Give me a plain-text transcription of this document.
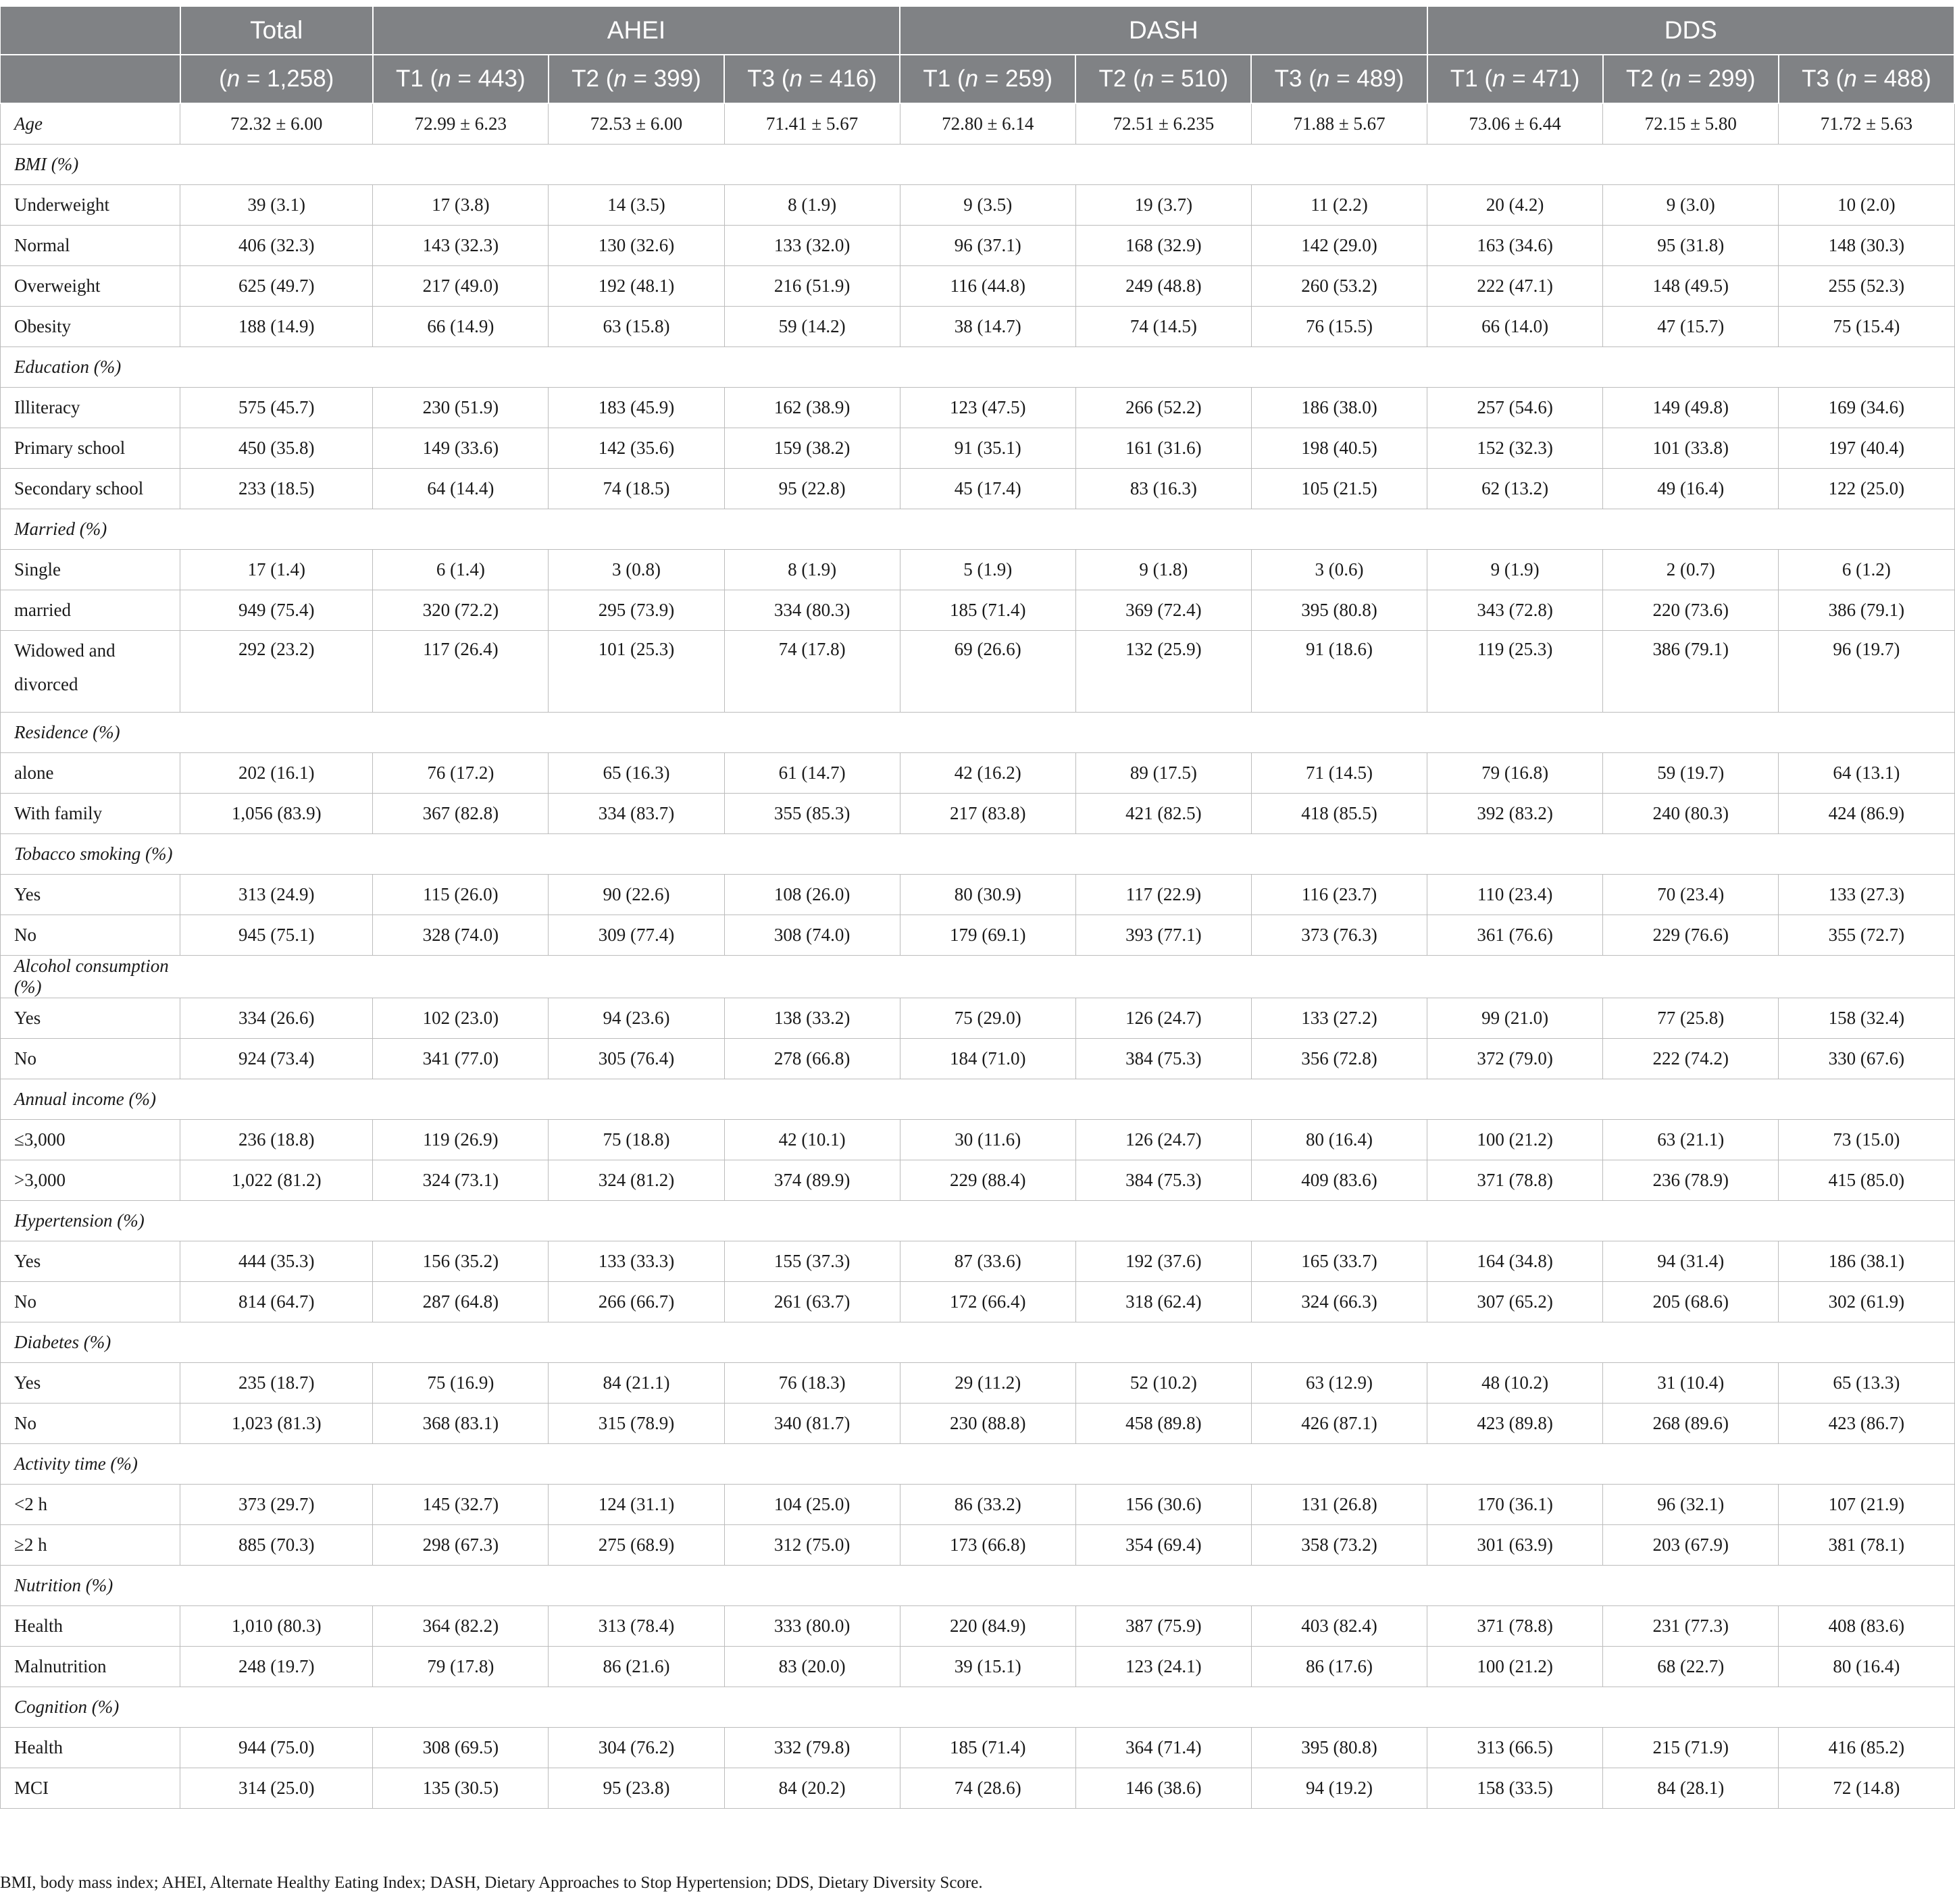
	Total	AHEI			DASH			DDS		
	(n = 1,258)	T1 (n = 443)	T2 (n = 399)	T3 (n = 416)	T1 (n = 259)	T2 (n = 510)	T3 (n = 489)	T1 (n = 471)	T2 (n = 299)	T3 (n = 488)
Age	72.32 ± 6.00	72.99 ± 6.23	72.53 ± 6.00	71.41 ± 5.67	72.80 ± 6.14	72.51 ± 6.235	71.88 ± 5.67	73.06 ± 6.44	72.15 ± 5.80	71.72 ± 5.63
BMI (%)										
Underweight	39 (3.1)	17 (3.8)	14 (3.5)	8 (1.9)	9 (3.5)	19 (3.7)	11 (2.2)	20 (4.2)	9 (3.0)	10 (2.0)
Normal	406 (32.3)	143 (32.3)	130 (32.6)	133 (32.0)	96 (37.1)	168 (32.9)	142 (29.0)	163 (34.6)	95 (31.8)	148 (30.3)
Overweight	625 (49.7)	217 (49.0)	192 (48.1)	216 (51.9)	116 (44.8)	249 (48.8)	260 (53.2)	222 (47.1)	148 (49.5)	255 (52.3)
Obesity	188 (14.9)	66 (14.9)	63 (15.8)	59 (14.2)	38 (14.7)	74 (14.5)	76 (15.5)	66 (14.0)	47 (15.7)	75 (15.4)
Education (%)										
Illiteracy	575 (45.7)	230 (51.9)	183 (45.9)	162 (38.9)	123 (47.5)	266 (52.2)	186 (38.0)	257 (54.6)	149 (49.8)	169 (34.6)
Primary school	450 (35.8)	149 (33.6)	142 (35.6)	159 (38.2)	91 (35.1)	161 (31.6)	198 (40.5)	152 (32.3)	101 (33.8)	197 (40.4)
Secondary school	233 (18.5)	64 (14.4)	74 (18.5)	95 (22.8)	45 (17.4)	83 (16.3)	105 (21.5)	62 (13.2)	49 (16.4)	122 (25.0)
Married (%)										
Single	17 (1.4)	6 (1.4)	3 (0.8)	8 (1.9)	5 (1.9)	9 (1.8)	3 (0.6)	9 (1.9)	2 (0.7)	6 (1.2)
married	949 (75.4)	320 (72.2)	295 (73.9)	334 (80.3)	185 (71.4)	369 (72.4)	395 (80.8)	343 (72.8)	220 (73.6)	386 (79.1)
Widowed and divorced	292 (23.2)	117 (26.4)	101 (25.3)	74 (17.8)	69 (26.6)	132 (25.9)	91 (18.6)	119 (25.3)	386 (79.1)	96 (19.7)
Residence (%)										
alone	202 (16.1)	76 (17.2)	65 (16.3)	61 (14.7)	42 (16.2)	89 (17.5)	71 (14.5)	79 (16.8)	59 (19.7)	64 (13.1)
With family	1,056 (83.9)	367 (82.8)	334 (83.7)	355 (85.3)	217 (83.8)	421 (82.5)	418 (85.5)	392 (83.2)	240 (80.3)	424 (86.9)
Tobacco smoking (%)										
Yes	313 (24.9)	115 (26.0)	90 (22.6)	108 (26.0)	80 (30.9)	117 (22.9)	116 (23.7)	110 (23.4)	70 (23.4)	133 (27.3)
No	945 (75.1)	328 (74.0)	309 (77.4)	308 (74.0)	179 (69.1)	393 (77.1)	373 (76.3)	361 (76.6)	229 (76.6)	355 (72.7)
Alcohol consumption (%)										
Yes	334 (26.6)	102 (23.0)	94 (23.6)	138 (33.2)	75 (29.0)	126 (24.7)	133 (27.2)	99 (21.0)	77 (25.8)	158 (32.4)
No	924 (73.4)	341 (77.0)	305 (76.4)	278 (66.8)	184 (71.0)	384 (75.3)	356 (72.8)	372 (79.0)	222 (74.2)	330 (67.6)
Annual income (%)										
≤3,000	236 (18.8)	119 (26.9)	75 (18.8)	42 (10.1)	30 (11.6)	126 (24.7)	80 (16.4)	100 (21.2)	63 (21.1)	73 (15.0)
>3,000	1,022 (81.2)	324 (73.1)	324 (81.2)	374 (89.9)	229 (88.4)	384 (75.3)	409 (83.6)	371 (78.8)	236 (78.9)	415 (85.0)
Hypertension (%)										
Yes	444 (35.3)	156 (35.2)	133 (33.3)	155 (37.3)	87 (33.6)	192 (37.6)	165 (33.7)	164 (34.8)	94 (31.4)	186 (38.1)
No	814 (64.7)	287 (64.8)	266 (66.7)	261 (63.7)	172 (66.4)	318 (62.4)	324 (66.3)	307 (65.2)	205 (68.6)	302 (61.9)
Diabetes (%)										
Yes	235 (18.7)	75 (16.9)	84 (21.1)	76 (18.3)	29 (11.2)	52 (10.2)	63 (12.9)	48 (10.2)	31 (10.4)	65 (13.3)
No	1,023 (81.3)	368 (83.1)	315 (78.9)	340 (81.7)	230 (88.8)	458 (89.8)	426 (87.1)	423 (89.8)	268 (89.6)	423 (86.7)
Activity time (%)										
<2 h	373 (29.7)	145 (32.7)	124 (31.1)	104 (25.0)	86 (33.2)	156 (30.6)	131 (26.8)	170 (36.1)	96 (32.1)	107 (21.9)
≥2 h	885 (70.3)	298 (67.3)	275 (68.9)	312 (75.0)	173 (66.8)	354 (69.4)	358 (73.2)	301 (63.9)	203 (67.9)	381 (78.1)
Nutrition (%)										
Health	1,010 (80.3)	364 (82.2)	313 (78.4)	333 (80.0)	220 (84.9)	387 (75.9)	403 (82.4)	371 (78.8)	231 (77.3)	408 (83.6)
Malnutrition	248 (19.7)	79 (17.8)	86 (21.6)	83 (20.0)	39 (15.1)	123 (24.1)	86 (17.6)	100 (21.2)	68 (22.7)	80 (16.4)
Cognition (%)										
Health	944 (75.0)	308 (69.5)	304 (76.2)	332 (79.8)	185 (71.4)	364 (71.4)	395 (80.8)	313 (66.5)	215 (71.9)	416 (85.2)
MCI	314 (25.0)	135 (30.5)	95 (23.8)	84 (20.2)	74 (28.6)	146 (38.6)	94 (19.2)	158 (33.5)	84 (28.1)	72 (14.8)
BMI, body mass index; AHEI, Alternate Healthy Eating Index; DASH, Dietary Approaches to Stop Hypertension; DDS, Dietary Diversity Score.
